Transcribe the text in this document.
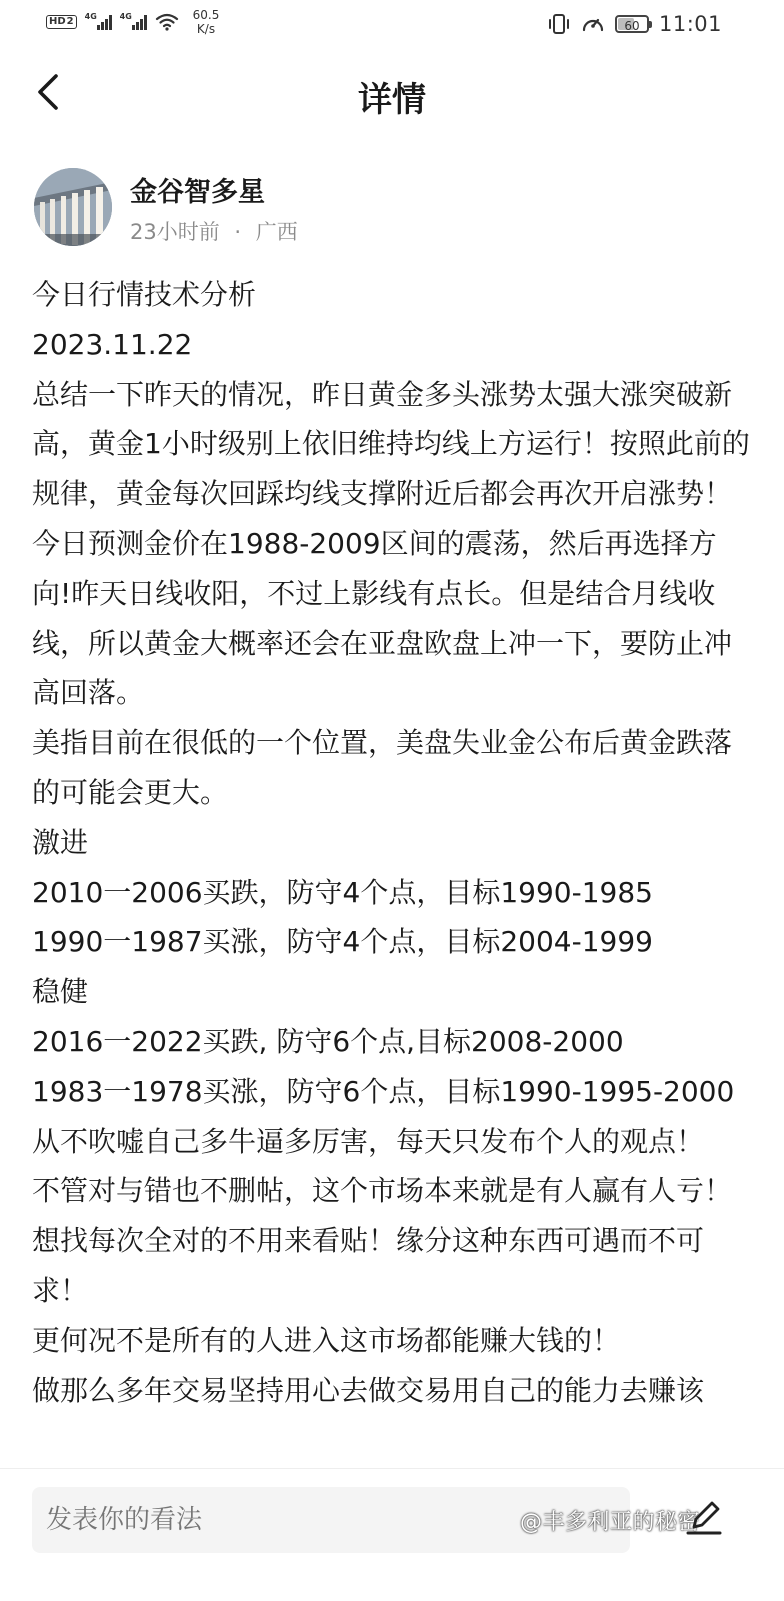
HD 2 4G	4G	60.5
K/s	60 11:01
详情
金谷智多星
23小时前 · 广西
今日行情技术分析
2023.11.22
总结一下昨天的情况，昨日黄金多头涨势太强大涨突破新高，黄金1小时级别上依旧维持均线上方运行！按照此前的规律，黄金每次回踩均线支撑附近后都会再次开启涨势！今日预测金价在1988-2009区间的震荡，然后再选择方向!昨天日线收阳，不过上影线有点长。但是结合月线收线，所以黄金大概率还会在亚盘欧盘上冲一下，要防止冲高回落。
美指目前在很低的一个位置，美盘失业金公布后黄金跌落的可能会更大。
激进
2010一2006买跌，防守4个点，目标1990-1985
1990一1987买涨，防守4个点，目标2004-1999
稳健
2016一2022买跌, 防守6个点,目标2008-2000
1983一1978买涨，防守6个点，目标1990-1995-2000
从不吹嘘自己多牛逼多厉害，每天只发布个人的观点！
不管对与错也不删帖，这个市场本来就是有人赢有人亏！
想找每次全对的不用来看贴！缘分这种东西可遇而不可求！
更何况不是所有的人进入这市场都能赚大钱的！
做那么多年交易坚持用心去做交易用自己的能力去赚该
发表你的看法
@丰多利亚的秘密
